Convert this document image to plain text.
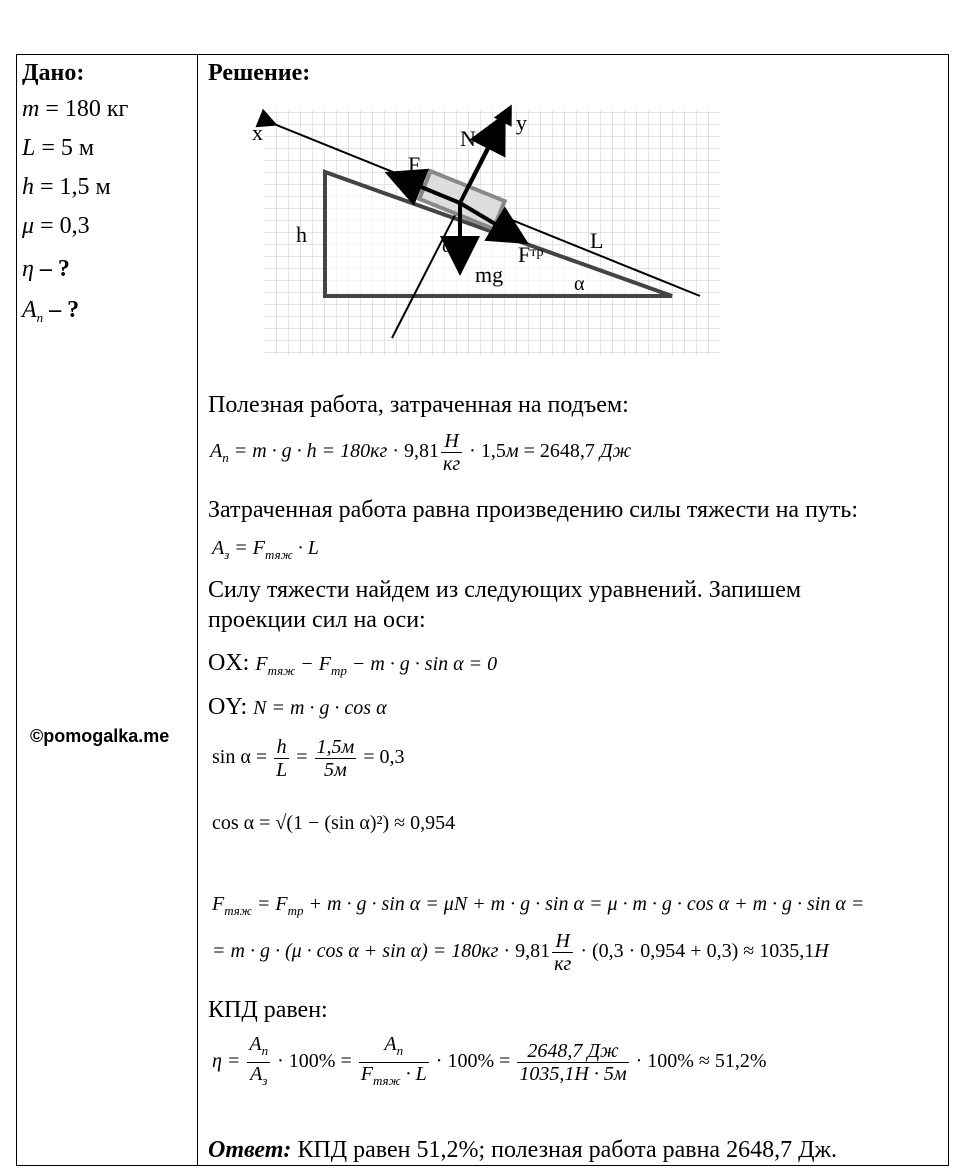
Дано:
m = 180 кг
L = 5 м
h = 1,5 м
μ = 0,3
η – ?
$A_п$ – ?
©pomogalka.me
Решение:
x	y
N
F
h	α
mg
$F^{тр}$ L
α
Полезная работа, затраченная на подъем:
$A_п = m \cdot g \cdot h = 180кг \cdot 9,81 \frac{Н}{кг} \cdot 1,5м = 2648,7$ Дж
Затраченная работа равна произведению силы тяжести на путь:
$A_з = F_{тяж} \cdot L$
Силу тяжести найдем из следующих уравнений. Запишем
проекции сил на оси:
OX: $F_{тяж} - F_{тр} - m \cdot g \cdot \sin \alpha = 0$
OY: N = m · g · cos α
$\sin \alpha = \frac{h}{L} = \frac{1,5м}{5м} = 0,3$
cos α = √(1 − (sin α)²) ≈ 0,954
$F_{тяж} = F_{тр} + m \cdot g \cdot \sin \alpha = \mu N + m \cdot g \cdot \sin \alpha = \mu \cdot m \cdot g \cdot \cos \alpha + m \cdot g \cdot \sin \alpha$ =
= $m \cdot g \cdot (\mu \cdot \cos \alpha + \sin \alpha) = 180кг \cdot 9,81 \frac{Н}{кг} \cdot (0,3 \cdot 0,954 + 0,3) \approx 1035,1Н$
КПД равен:
$\eta = \frac{A_п}{A_з} \cdot 100\% = \frac{A_п}{F_{тяж} \cdot L} \cdot 100\% = \frac{2648,7 Дж}{1035,1Н \cdot 5м} \cdot 100\% \approx 51,2\%$
Ответ: КПД равен 51,2%; полезная работа равна 2648,7 Дж.
